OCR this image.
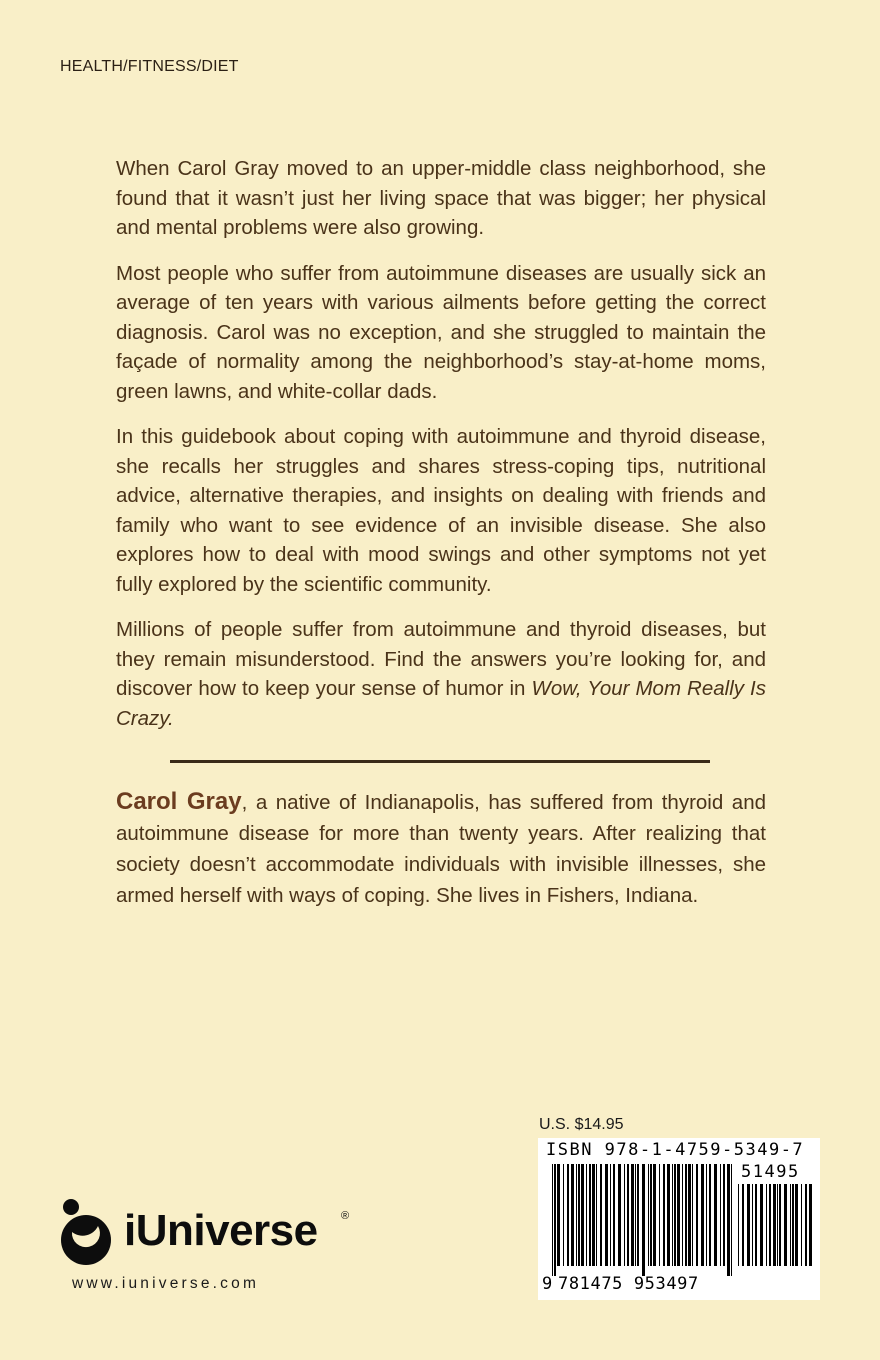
HEALTH/FITNESS/DIET

When Carol Gray moved to an upper-middle class neighborhood, she found that it wasn’t just her living space that was bigger; her physical and mental problems were also growing.

Most people who suffer from autoimmune diseases are usually sick an average of ten years with various ailments before getting the correct diagnosis. Carol was no exception, and she struggled to maintain the façade of normality among the neighborhood’s stay-at-home moms, green lawns, and white-collar dads.

In this guidebook about coping with autoimmune and thyroid disease, she recalls her struggles and shares stress-coping tips, nutritional advice, alternative therapies, and insights on dealing with friends and family who want to see evidence of an invisible disease. She also explores how to deal with mood swings and other symptoms not yet fully explored by the scientific community.

Millions of people suffer from autoimmune and thyroid diseases, but they remain misunderstood. Find the answers you’re looking for, and discover how to keep your sense of humor in Wow, Your Mom Really Is Crazy.

Carol Gray, a native of Indianapolis, has suffered from thyroid and autoimmune disease for more than twenty years. After realizing that society doesn’t accommodate individuals with invisible illnesses, she armed herself with ways of coping. She lives in Fishers, Indiana.

iUniverse ®
www.iuniverse.com
U.S. $14.95
ISBN 978-1-4759-5349-7
51495
9 781475 953497
